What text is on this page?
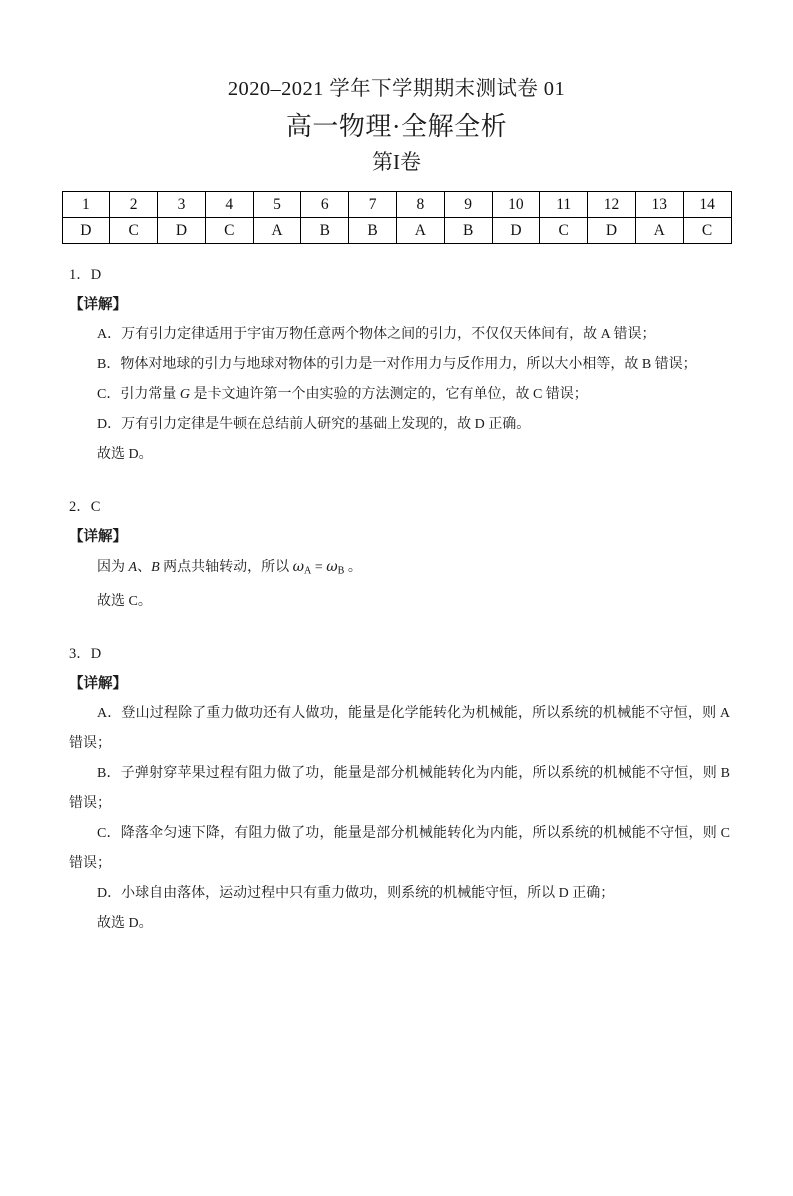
2020–2021 学年下学期期末测试卷 01
高一物理·全解全析
第I卷
1	2	3	4	5	6	7	8	9	10	11	12	13	14
D	C	D	C	A	B	B	A	B	D	C	D	A	C
1．D
【详解】
A．万有引力定律适用于宇宙万物任意两个物体之间的引力，不仅仅天体间有，故 A 错误；
B．物体对地球的引力与地球对物体的引力是一对作用力与反作用力，所以大小相等，故 B 错误；
C．引力常量 G 是卡文迪许第一个由实验的方法测定的，它有单位，故 C 错误；
D．万有引力定律是牛顿在总结前人研究的基础上发现的，故 D 正确。
故选 D。
2．C
【详解】
因为 A、B 两点共轴转动，所以 $\omega_A = \omega_B$ 。
故选 C。
3．D
【详解】
A．登山过程除了重力做功还有人做功，能量是化学能转化为机械能，所以系统的机械能不守恒，则 A 错误；
B．子弹射穿苹果过程有阻力做了功，能量是部分机械能转化为内能，所以系统的机械能不守恒，则 B 错误；
C．降落伞匀速下降，有阻力做了功，能量是部分机械能转化为内能，所以系统的机械能不守恒，则 C 错误；
D．小球自由落体，运动过程中只有重力做功，则系统的机械能守恒，所以 D 正确；
故选 D。
